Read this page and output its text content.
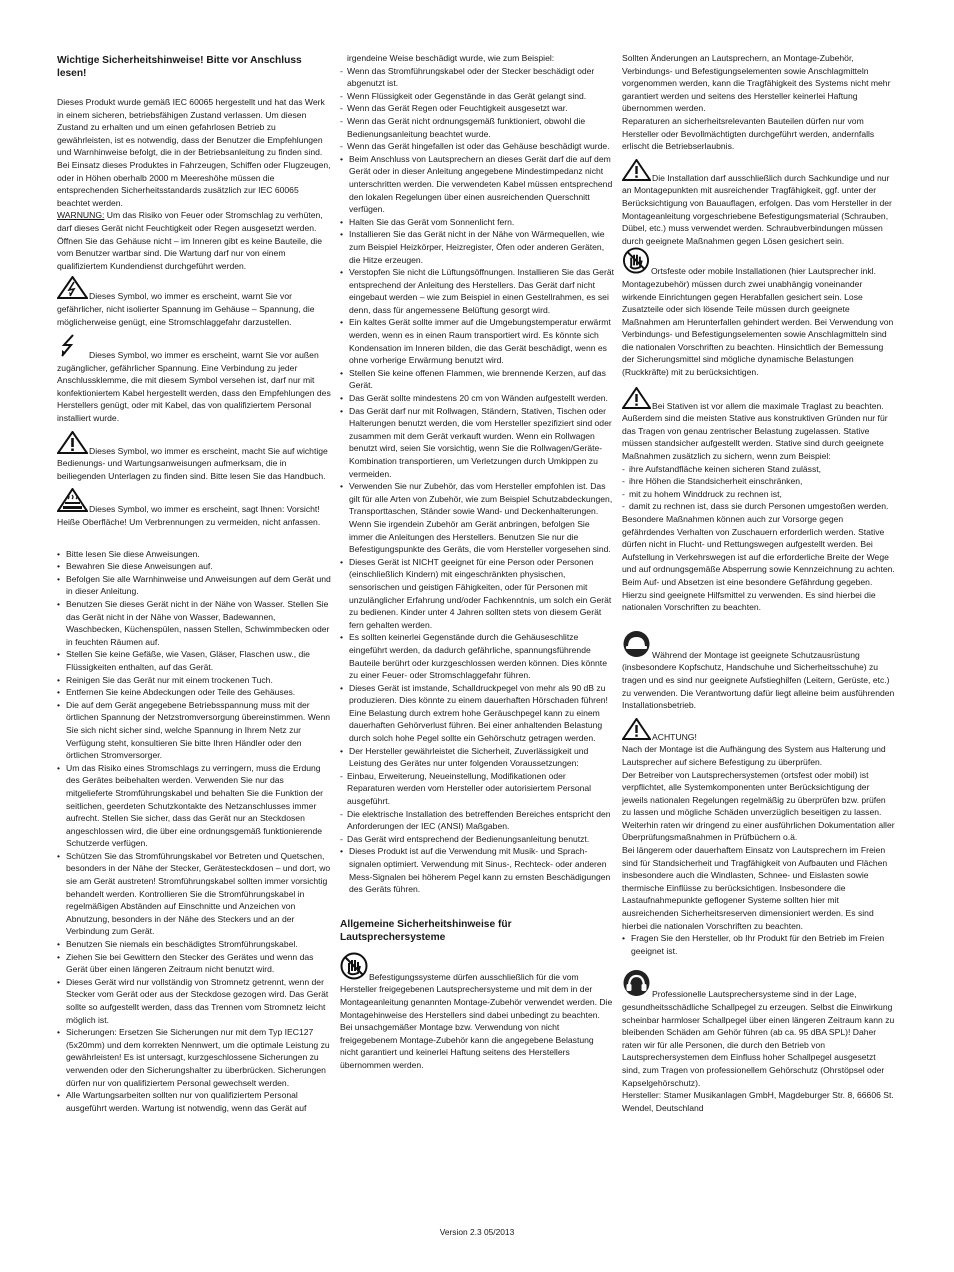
Wichtige Sicherheitshinweise! Bitte vor Anschluss lesen!

Dieses Produkt wurde gemäß IEC 60065 hergestellt und hat das Werk in einem sicheren, betriebsfähigen Zustand verlassen. Um diesen Zustand zu erhalten und um einen gefahrlosen Betrieb zu gewährleisten, ist es notwendig, dass der Benutzer die Empfehlungen und Warnhinweise befolgt, die in der Betriebsanleitung zu finden sind. Bei Einsatz dieses Produktes in Fahrzeugen, Schiffen oder Flugzeugen, oder in Höhen oberhalb 2000 m Meereshöhe müssen die entsprechenden Sicherheitsstandards zusätzlich zur IEC 60065 beachtet werden.

WARNUNG: Um das Risiko von Feuer oder Stromschlag zu verhüten, darf dieses Gerät nicht Feuchtigkeit oder Regen ausgesetzt werden. Öffnen Sie das Gehäuse nicht – im Inneren gibt es keine Bauteile, die vom Benutzer wartbar sind. Die Wartung darf nur von einem qualifiziertem Kundendienst durchgeführt werden.

Dieses Symbol, wo immer es erscheint, warnt Sie vor gefährlicher, nicht isolierter Spannung im Gehäuse – Spannung, die möglicherweise genügt, eine Stromschlaggefahr darzustellen.

Dieses Symbol, wo immer es erscheint, warnt Sie vor außen zugänglicher, gefährlicher Spannung. Eine Verbindung zu jeder Anschlussklemme, die mit diesem Symbol versehen ist, darf nur mit konfektioniertem Kabel hergestellt werden, dass den Empfehlungen des Herstellers genügt, oder mit Kabel, das von qualifiziertem Personal installiert wurde.

Dieses Symbol, wo immer es erscheint, macht Sie auf wichtige Bedienungs- und Wartungsanweisungen aufmerksam, die in beiliegenden Unterlagen zu finden sind. Bitte lesen Sie das Handbuch.

Dieses Symbol, wo immer es erscheint, sagt Ihnen: Vorsicht! Heiße Oberfläche! Um Verbrennungen zu vermeiden, nicht anfassen.

• Bitte lesen Sie diese Anweisungen.
• Bewahren Sie diese Anweisungen auf.
• Befolgen Sie alle Warnhinweise und Anweisungen auf dem Gerät und in dieser Anleitung.
• Benutzen Sie dieses Gerät nicht in der Nähe von Wasser. Stellen Sie das Gerät nicht in der Nähe von Wasser, Badewannen, Waschbecken, Küchenspülen, nassen Stellen, Schwimmbecken oder in feuchten Räumen auf.
• Stellen Sie keine Gefäße, wie Vasen, Gläser, Flaschen usw., die Flüssigkeiten enthalten, auf das Gerät.
• Reinigen Sie das Gerät nur mit einem trockenen Tuch.
• Entfernen Sie keine Abdeckungen oder Teile des Gehäuses.
• Die auf dem Gerät angegebene Betriebsspannung muss mit der örtlichen Spannung der Netzstromversorgung übereinstimmen. Wenn Sie sich nicht sicher sind, welche Spannung in Ihrem Netz zur Verfügung steht, konsultieren Sie bitte Ihren Händler oder den örtlichen Stromversorger.
• Um das Risiko eines Stromschlags zu verringern, muss die Erdung des Gerätes beibehalten werden. Verwenden Sie nur das mitgelieferte Stromführungskabel und behalten Sie die Funktion der seitlichen, geerdeten Schutzkontakte des Netzanschlusses immer aufrecht. Stellen Sie sicher, dass das Gerät nur an Steckdosen angeschlossen wird, die über eine ordnungsgemäß funktionierende Schutzerde verfügen.
• Schützen Sie das Stromführungskabel vor Betreten und Quetschen, besonders in der Nähe der Stecker, Gerätesteckdosen – und dort, wo sie am Gerät austreten! Stromführungskabel sollten immer vorsichtig behandelt werden. Kontrollieren Sie die Stromführungskabel in regelmäßigen Abständen auf Einschnitte und Anzeichen von Abnutzung, besonders in der Nähe des Steckers und an der Verbindung zum Gerät.
• Benutzen Sie niemals ein beschädigtes Stromführungskabel.
• Ziehen Sie bei Gewittern den Stecker des Gerätes und wenn das Gerät über einen längeren Zeitraum nicht benutzt wird.
• Dieses Gerät wird nur vollständig von Stromnetz getrennt, wenn der Stecker vom Gerät oder aus der Steckdose gezogen wird. Das Gerät sollte so aufgestellt werden, dass das Trennen vom Stromnetz leicht möglich ist.
• Sicherungen: Ersetzen Sie Sicherungen nur mit dem Typ IEC127 (5x20mm) und dem korrekten Nennwert, um die optimale Leistung zu gewährleisten! Es ist untersagt, kurzgeschlossene Sicherungen zu verwenden oder den Sicherungshalter zu überbrücken. Sicherungen dürfen nur von qualifiziertem Personal gewechselt werden.
• Alle Wartungsarbeiten sollten nur von qualifiziertem Personal ausgeführt werden. Wartung ist notwendig, wenn das Gerät auf

irgendeine Weise beschädigt wurde, wie zum Beispiel:

- Wenn das Stromführungskabel oder der Stecker beschädigt oder abgenutzt ist.
- Wenn Flüssigkeit oder Gegenstände in das Gerät gelangt sind.
- Wenn das Gerät Regen oder Feuchtigkeit ausgesetzt war.
- Wenn das Gerät nicht ordnungsgemäß funktioniert, obwohl die Bedienungsanleitung beachtet wurde.
- Wenn das Gerät hingefallen ist oder das Gehäuse beschädigt wurde.
• Beim Anschluss von Lautsprechern an dieses Gerät darf die auf dem Gerät oder in dieser Anleitung angegebene Mindestimpedanz nicht unterschritten werden. Die verwendeten Kabel müssen entsprechend den lokalen Regelungen über einen ausreichenden Querschnitt verfügen.
• Halten Sie das Gerät vom Sonnenlicht fern.
• Installieren Sie das Gerät nicht in der Nähe von Wärmequellen, wie zum Beispiel Heizkörper, Heizregister, Öfen oder anderen Geräten, die Hitze erzeugen.
• Verstopfen Sie nicht die Lüftungsöffnungen. Installieren Sie das Gerät entsprechend der Anleitung des Herstellers. Das Gerät darf nicht eingebaut werden – wie zum Beispiel in einen Gestellrahmen, es sei denn, dass für angemessene Belüftung gesorgt wird.
• Ein kaltes Gerät sollte immer auf die Umgebungstemperatur erwärmt werden, wenn es in einen Raum transportiert wird. Es könnte sich Kondensation im Inneren bilden, die das Gerät beschädigt, wenn es ohne vorherige Erwärmung benutzt wird.
• Stellen Sie keine offenen Flammen, wie brennende Kerzen, auf das Gerät.
• Das Gerät sollte mindestens 20 cm von Wänden aufgestellt werden.
• Das Gerät darf nur mit Rollwagen, Ständern, Stativen, Tischen oder Halterungen benutzt werden, die vom Hersteller spezifiziert sind oder zusammen mit dem Gerät verkauft wurden. Wenn ein Rollwagen benutzt wird, seien Sie vorsichtig, wenn Sie die Rollwagen/Geräte-Kombination transportieren, um Verletzungen durch Umkippen zu vermeiden.
• Verwenden Sie nur Zubehör, das vom Hersteller empfohlen ist. Das gilt für alle Arten von Zubehör, wie zum Beispiel Schutzabdeckungen, Transporttaschen, Ständer sowie Wand- und Deckenhalterungen. Wenn Sie irgendein Zubehör am Gerät anbringen, befolgen Sie immer die Anleitungen des Herstellers. Benutzen Sie nur die Befestigungspunkte des Geräts, die vom Hersteller vorgesehen sind.
• Dieses Gerät ist NICHT geeignet für eine Person oder Personen (einschließlich Kindern) mit eingeschränkten physischen, sensorischen und geistigen Fähigkeiten, oder für Personen mit unzulänglicher Erfahrung und/oder Fachkenntnis, um solch ein Gerät zu bedienen. Kinder unter 4 Jahren sollten stets von diesem Gerät fern gehalten werden.
• Es sollten keinerlei Gegenstände durch die Gehäuseschlitze eingeführt werden, da dadurch gefährliche, spannungsführende Bauteile berührt oder kurzgeschlossen werden können. Dies könnte zu einer Feuer- oder Stromschlaggefahr führen.
• Dieses Gerät ist imstande, Schalldruckpegel von mehr als 90 dB zu produzieren. Dies könnte zu einem dauerhaften Hörschaden führen! Eine Belastung durch extrem hohe Geräuschpegel kann zu einem dauerhaften Gehörverlust führen. Bei einer anhaltenden Belastung durch solch hohe Pegel sollte ein Gehörschutz getragen werden.
• Der Hersteller gewährleistet die Sicherheit, Zuverlässigkeit und Leistung des Gerätes nur unter folgenden Voraussetzungen:
- Einbau, Erweiterung, Neueinstellung, Modifikationen oder Reparaturen werden vom Hersteller oder autorisiertem Personal ausgeführt.
- Die elektrische Installation des betreffenden Bereiches entspricht den Anforderungen der IEC (ANSI) Maßgaben.
- Das Gerät wird entsprechend der Bedienungsanleitung benutzt.
• Dieses Produkt ist auf die Verwendung mit Musik- und Sprach-signalen optimiert. Verwendung mit Sinus-, Rechteck- oder anderen Mess-Signalen bei höherem Pegel kann zu ernsten Beschädigungen des Geräts führen.
Allgemeine Sicherheitshinweise für Lautsprechersysteme

Befestigungssysteme dürfen ausschließlich für die vom Hersteller freigegebenen Lautsprechersysteme und mit dem in der Montageanleitung genannten Montage-Zubehör verwendet werden. Die Montagehinweise des Herstellers sind dabei unbedingt zu beachten. Bei unsachgemäßer Montage bzw. Verwendung von nicht freigegebenem Montage-Zubehör kann die angegebene Belastung nicht garantiert und keinerlei Haftung seitens des Herstellers übernommen werden.

Sollten Änderungen an Lautsprechern, an Montage-Zubehör, Verbindungs- und Befestigungselementen sowie Anschlagmitteln vorgenommen werden, kann die Tragfähigkeit des Systems nicht mehr garantiert werden und seitens des Hersteller keinerlei Haftung übernommen werden.

Reparaturen an sicherheitsrelevanten Bauteilen dürfen nur vom Hersteller oder Bevollmächtigten durchgeführt werden, andernfalls erlischt die Betriebserlaubnis.

Die Installation darf ausschließlich durch Sachkundige und nur an Montagepunkten mit ausreichender Tragfähigkeit, ggf. unter der Berücksichtigung von Bauauflagen, erfolgen. Das vom Hersteller in der Montageanleitung vorgeschriebene Befestigungsmaterial (Schrauben, Dübel, etc.) muss verwendet werden. Schraubverbindungen müssen durch geeignete Maßnahmen gegen Lösen gesichert sein.

Ortsfeste oder mobile Installationen (hier Lautsprecher inkl. Montagezubehör) müssen durch zwei unabhängig voneinander wirkende Einrichtungen gegen Herabfallen gesichert sein. Lose Zusatzteile oder sich lösende Teile müssen durch geeignete Maßnahmen am Herunterfallen gehindert werden. Bei Verwendung von Verbindungs- und Befestigungselementen sowie Anschlagmitteln sind die nationalen Vorschriften zu beachten. Hinsichtlich der Bemessung der Sicherungsmittel sind mögliche dynamische Belastungen (Ruckkräfte) mit zu berücksichtigen.

Bei Stativen ist vor allem die maximale Traglast zu beachten. Außerdem sind die meisten Stative aus konstruktiven Gründen nur für das Tragen von genau zentrischer Belastung zugelassen. Stative müssen standsicher aufgestellt werden. Stative sind durch geeignete Maßnahmen zusätzlich zu sichern, wenn zum Beispiel:

- ihre Aufstandfläche keinen sicheren Stand zulässt,
- ihre Höhen die Standsicherheit einschränken,
- mit zu hohem Winddruck zu rechnen ist,
- damit zu rechnen ist, dass sie durch Personen umgestoßen werden.

Besondere Maßnahmen können auch zur Vorsorge gegen gefährdendes Verhalten von Zuschauern erforderlich werden. Stative dürfen nicht in Flucht- und Rettungswegen aufgestellt werden. Bei Aufstellung in Verkehrswegen ist auf die erforderliche Breite der Wege und auf ordnungsgemäße Absperrung sowie Kennzeichnung zu achten. Beim Auf- und Absetzen ist eine besondere Gefährdung gegeben. Hierzu sind geeignete Hilfsmittel zu verwenden. Es sind hierbei die nationalen Vorschriften zu beachten.

Während der Montage ist geeignete Schutzausrüstung (insbesondere Kopfschutz, Handschuhe und Sicherheitsschuhe) zu tragen und es sind nur geeignete Aufstieghilfen (Leitern, Gerüste, etc.) zu verwenden. Die Verantwortung dafür liegt alleine beim ausführenden Installationsbetrieb.

ACHTUNG!

Nach der Montage ist die Aufhängung des System aus Halterung und Lautsprecher auf sichere Befestigung zu überprüfen.

Der Betreiber von Lautsprechersystemen (ortsfest oder mobil) ist verpflichtet, alle Systemkomponenten unter Berücksichtigung der jeweils nationalen Regelungen regelmäßig zu überprüfen bzw. prüfen zu lassen und mögliche Schäden unverzüglich beseitigen zu lassen. Weiterhin raten wir dringend zu einer ausführlichen Dokumentation aller Überprüfungsmaßnahmen in Prüfbüchern o.ä.

Bei längerem oder dauerhaftem Einsatz von Lautsprechern im Freien sind für Standsicherheit und Tragfähigkeit von Aufbauten und Flächen insbesondere auch die Windlasten, Schnee- und Eislasten sowie thermische Einflüsse zu berücksichtigen. Insbesondere die Lastaufnahmepunkte geflogener Systeme sollten hier mit ausreichenden Sicherheitsreserven dimensioniert werden. Es sind hierbei die nationalen Vorschriften zu beachten.

• Fragen Sie den Hersteller, ob Ihr Produkt für den Betrieb im Freien geeignet ist.

Professionelle Lautsprechersysteme sind in der Lage, gesundheitsschädliche Schallpegel zu erzeugen. Selbst die Einwirkung scheinbar harmloser Schallpegel über einen längeren Zeitraum kann zu bleibenden Schäden am Gehör führen (ab ca. 95 dBA SPL)! Daher raten wir für alle Personen, die durch den Betrieb von Lautsprechersystemen dem Einfluss hoher Schallpegel ausgesetzt sind, zum Tragen von professionellem Gehörschutz (Ohrstöpsel oder Kapselgehörschutz).

Hersteller: Stamer Musikanlagen GmbH, Magdeburger Str. 8, 66606 St. Wendel, Deutschland

Version 2.3 05/2013
